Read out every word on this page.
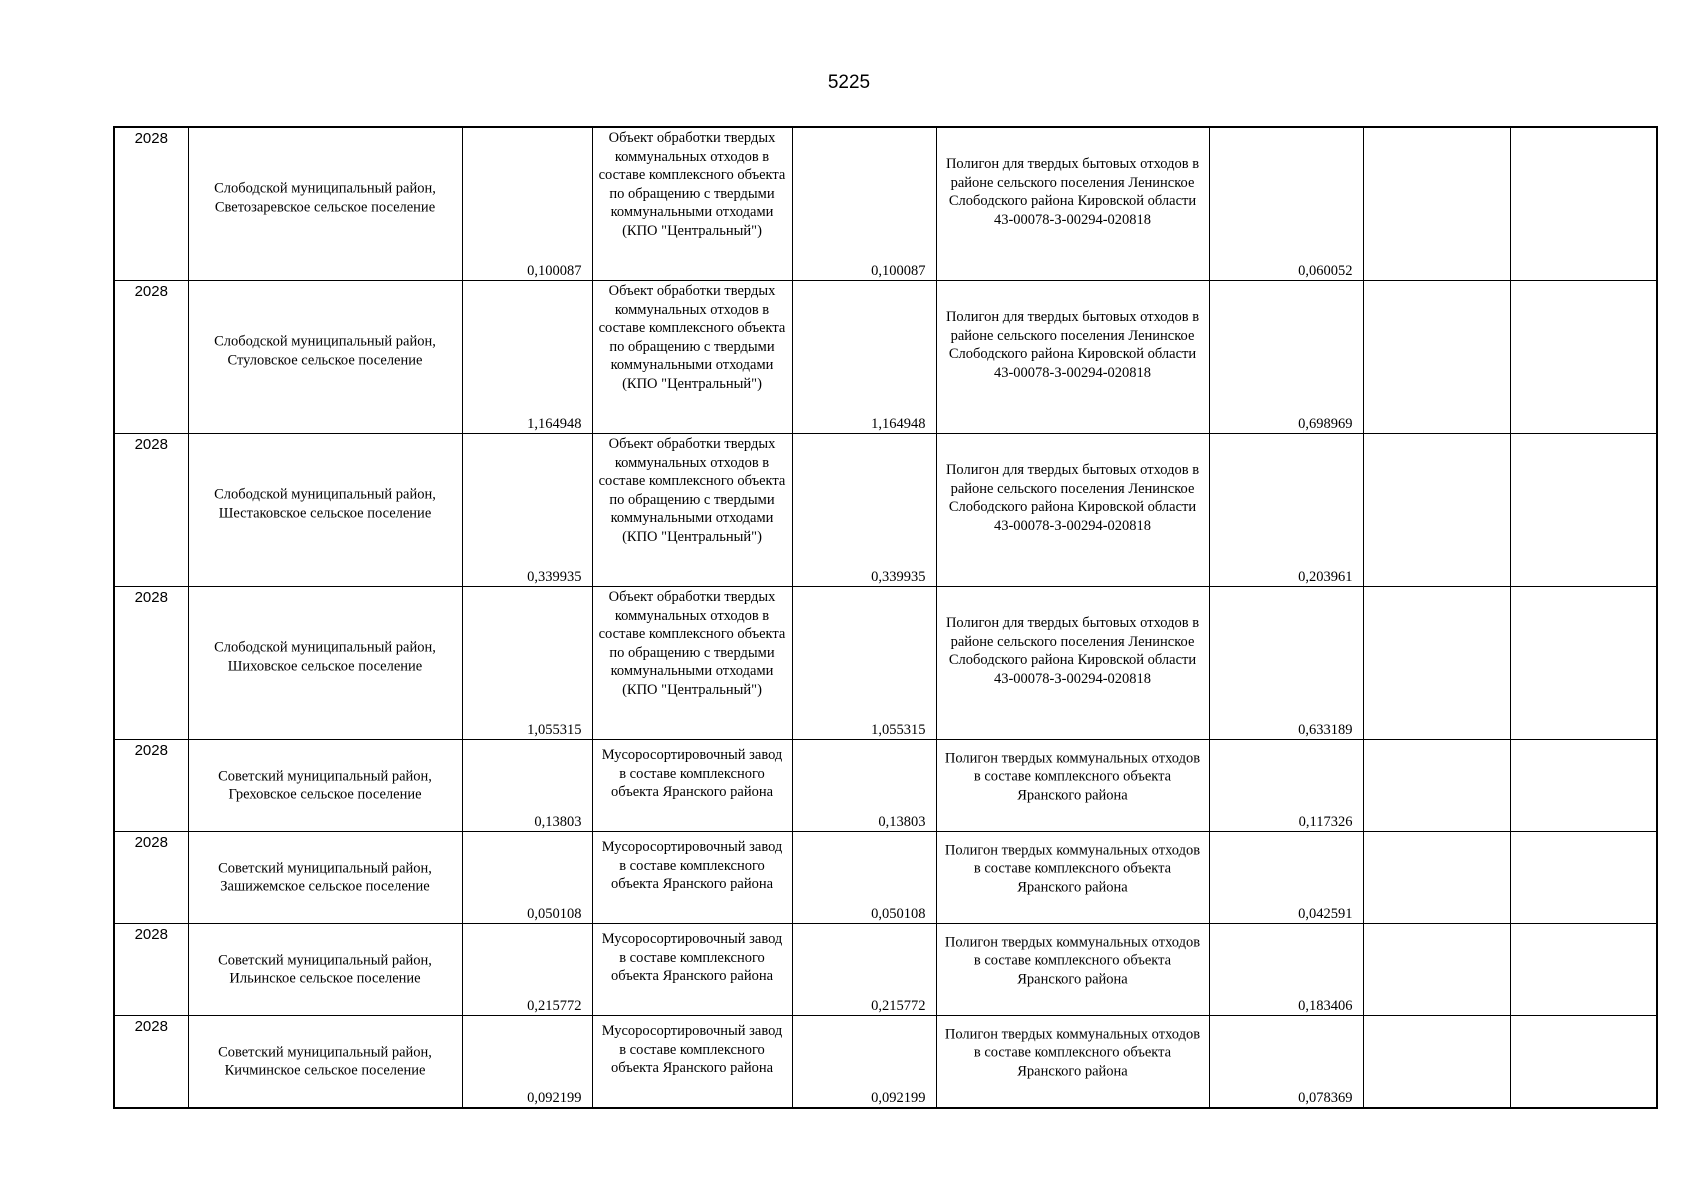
5225
2028	Слободской муниципальный район, Светозаревское сельское поселение	0,100087	Объект обработки твердых коммунальных отходов в составе комплексного объекта по обращению с твердыми коммунальными отходами (КПО "Центральный")	0,100087	Полигон для твердых бытовых отходов в районе сельского поселения Ленинское Слободского района Кировской области 43-00078-З-00294-020818	0,060052		

2028	Слободской муниципальный район, Стуловское сельское поселение	1,164948	Объект обработки твердых коммунальных отходов в составе комплексного объекта по обращению с твердыми коммунальными отходами (КПО "Центральный")	1,164948	Полигон для твердых бытовых отходов в районе сельского поселения Ленинское Слободского района Кировской области 43-00078-З-00294-020818	0,698969		

2028	Слободской муниципальный район, Шестаковское сельское поселение	0,339935	Объект обработки твердых коммунальных отходов в составе комплексного объекта по обращению с твердыми коммунальными отходами (КПО "Центральный")	0,339935	Полигон для твердых бытовых отходов в районе сельского поселения Ленинское Слободского района Кировской области 43-00078-З-00294-020818	0,203961		

2028	Слободской муниципальный район, Шиховское сельское поселение	1,055315	Объект обработки твердых коммунальных отходов в составе комплексного объекта по обращению с твердыми коммунальными отходами (КПО "Центральный")	1,055315	Полигон для твердых бытовых отходов в районе сельского поселения Ленинское Слободского района Кировской области 43-00078-З-00294-020818	0,633189		

2028	Советский муниципальный район, Греховское сельское поселение	0,13803	Мусоросортировочный завод в составе комплексного объекта Яранского района	0,13803	Полигон твердых коммунальных отходов в составе комплексного объекта Яранского района	0,117326		

2028	Советский муниципальный район, Зашижемское сельское поселение	0,050108	Мусоросортировочный завод в составе комплексного объекта Яранского района	0,050108	Полигон твердых коммунальных отходов в составе комплексного объекта Яранского района	0,042591		

2028	Советский муниципальный район, Ильинское сельское поселение	0,215772	Мусоросортировочный завод в составе комплексного объекта Яранского района	0,215772	Полигон твердых коммунальных отходов в составе комплексного объекта Яранского района	0,183406		

2028	Советский муниципальный район, Кичминское сельское поселение	0,092199	Мусоросортировочный завод в составе комплексного объекта Яранского района	0,092199	Полигон твердых коммунальных отходов в составе комплексного объекта Яранского района	0,078369		
